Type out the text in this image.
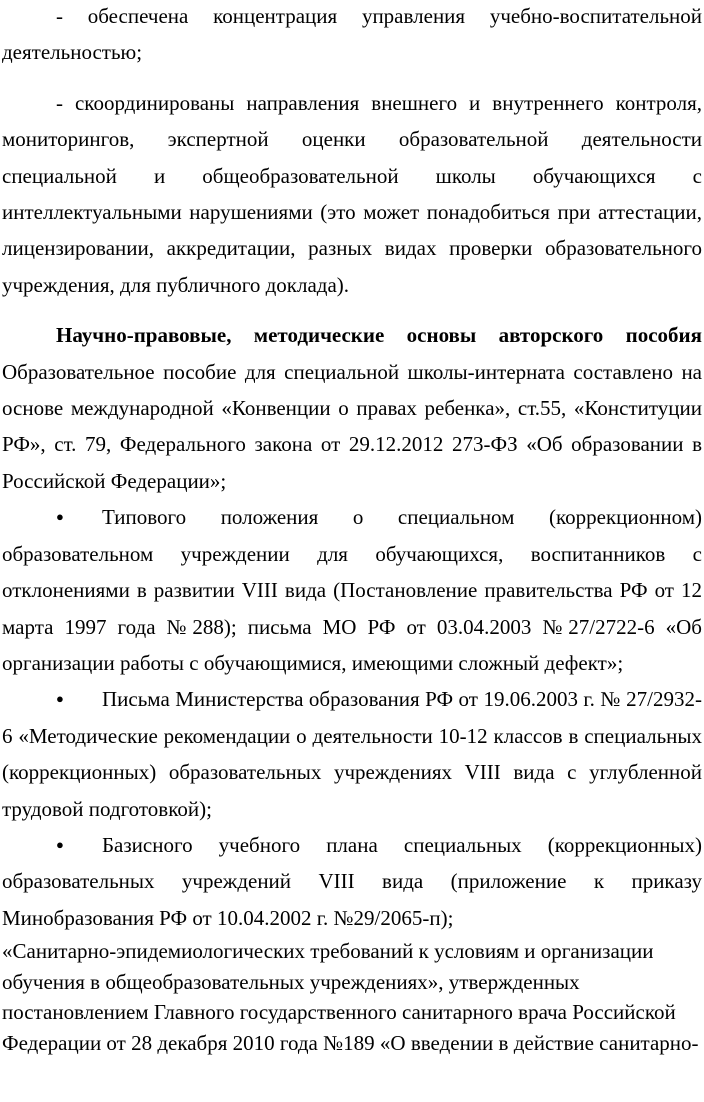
- обеспечена концентрация управления учебно-воспитательной деятельностью;

- скоординированы направления внешнего и внутреннего контроля, мониторингов, экспертной оценки образовательной деятельности специальной и общеобразовательной школы обучающихся с интеллектуальными нарушениями (это может понадобиться при аттестации, лицензировании, аккредитации, разных видах проверки образовательного учреждения, для публичного доклада).

Научно-правовые, методические основы авторского пособия Образовательное пособие для специальной школы-интерната составлено на основе международной «Конвенции о правах ребенка», ст.55, «Конституции РФ», ст. 79, Федерального закона от 29.12.2012 273-ФЗ «Об образовании в Российской Федерации»;

● Типового положения о специальном (коррекционном) образовательном учреждении для обучающихся, воспитанников с отклонениями в развитии VIII вида (Постановление правительства РФ от 12 марта 1997 года №288); письма МО РФ от 03.04.2003 №27/2722-6 «Об организации работы с обучающимися, имеющими сложный дефект»;

● Письма Министерства образования РФ от 19.06.2003 г. № 27/2932-6 «Методические рекомендации о деятельности 10-12 классов в специальных (коррекционных) образовательных учреждениях VIII вида с углубленной трудовой подготовкой);

● Базисного учебного плана специальных (коррекционных) образовательных учреждений VIII вида (приложение к приказу Минобразования РФ от 10.04.2002 г. №29/2065-п);

«Санитарно-эпидемиологических требований к условиям и организации обучения в общеобразовательных учреждениях», утвержденных постановлением Главного государственного санитарного врача Российской Федерации от 28 декабря 2010 года №189 «О введении в действие санитарно-
